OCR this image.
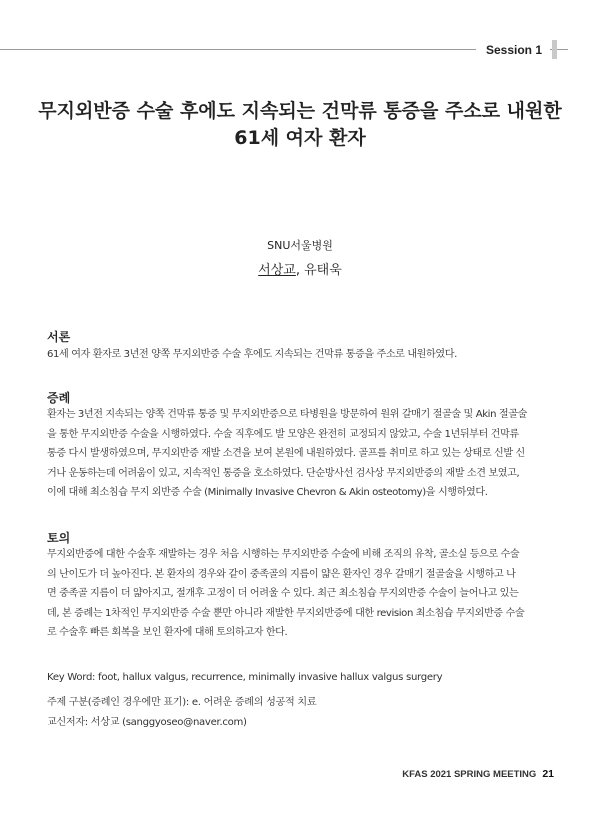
Session 1
무지외반증 수술 후에도 지속되는 건막류 통증을 주소로 내원한
61세 여자 환자
SNU서울병원
서상교, 유태욱
서론
61세 여자 환자로 3년전 양쪽 무지외반증 수술 후에도 지속되는 건막류 통증을 주소로 내원하였다.
증례
환자는 3년전 지속되는 양쪽 건막류 통증 및 무지외반증으로 타병원을 방문하여 원위 갈매기 절골술 및 Akin 절골술
을 통한 무지외반증 수술을 시행하였다. 수술 직후에도 발 모양은 완전히 교정되지 않았고, 수술 1년뒤부터 건막류
통증 다시 발생하였으며, 무지외반증 재발 소견을 보여 본원에 내원하였다. 골프를 취미로 하고 있는 상태로 신발 신
거나 운동하는데 어려움이 있고, 지속적인 통증을 호소하였다. 단순방사선 검사상 무지외반증의 재발 소견 보였고,
이에 대해 최소침습 무지 외반증 수술 (Minimally Invasive Chevron & Akin osteotomy)을 시행하였다.
토의
무지외반증에 대한 수술후 재발하는 경우 처음 시행하는 무지외반증 수술에 비해 조직의 유착, 골소실 등으로 수술
의 난이도가 더 높아진다. 본 환자의 경우와 같이 중족골의 지름이 얇은 환자인 경우 갈매기 절골술을 시행하고 나
면 중족골 지름이 더 얇아지고, 절개후 고정이 더 어려울 수 있다. 최근 최소침습 무지외반증 수술이 늘어나고 있는
데, 본 증례는 1차적인 무지외반증 수술 뿐만 아니라 재발한 무지외반증에 대한 revision 최소침습 무지외반증 수술
로 수술후 빠른 회복을 보인 환자에 대해 토의하고자 한다.
Key Word: foot, hallux valgus, recurrence, minimally invasive hallux valgus surgery
주제 구분(증례인 경우에만 표기): e. 어려운 증례의 성공적 치료
교신저자: 서상교 (sanggyoseo@naver.com)
KFAS 2021 SPRING MEETING 21
